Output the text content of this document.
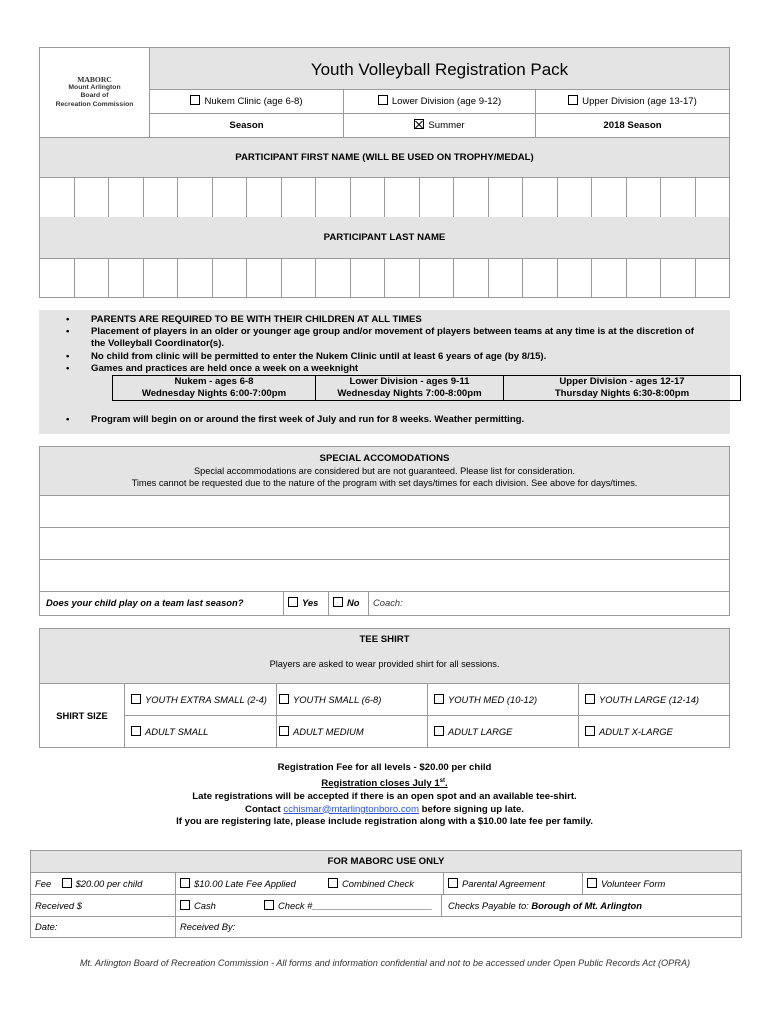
MABORC
Mount Arlington
Board of
Recreation Commission
Youth Volleyball Registration Pack
Nukem Clinic (age 6-8)	Lower Division (age 9-12)	Upper Division (age 13-17)
Season	Summer	2018 Season
PARTICIPANT FIRST NAME (WILL BE USED ON TROPHY/MEDAL)
PARTICIPANT LAST NAME
• PARENTS ARE REQUIRED TO BE WITH THEIR CHILDREN AT ALL TIMES
• Placement of players in an older or younger age group and/or movement of players between teams at any time is at the discretion of the Volleyball Coordinator(s).
• No child from clinic will be permitted to enter the Nukem Clinic until at least 6 years of age (by 8/15).
• Games and practices are held once a week on a weeknight
Nukem - ages 6-8	Lower Division - ages 9-11	Upper Division - ages 12-17
Wednesday Nights 6:00-7:00pm	Wednesday Nights 7:00-8:00pm	Thursday Nights 6:30-8:00pm
• Program will begin on or around the first week of July and run for 8 weeks. Weather permitting.
SPECIAL ACCOMODATIONS
Special accommodations are considered but are not guaranteed. Please list for consideration.
Times cannot be requested due to the nature of the program with set days/times for each division. See above for days/times.
Does your child play on a team last season?	Yes	No	Coach:
TEE SHIRT
Players are asked to wear provided shirt for all sessions.
SHIRT SIZE	YOUTH EXTRA SMALL (2-4)	YOUTH SMALL (6-8)	YOUTH MED (10-12)	YOUTH LARGE (12-14)
	ADULT SMALL	ADULT MEDIUM	ADULT LARGE	ADULT X-LARGE
Registration Fee for all levels - $20.00 per child
Registration closes July 1st.
Late registrations will be accepted if there is an open spot and an available tee-shirt.
Contact cchismar@mtarlingtonboro.com before signing up late.
If you are registering late, please include registration along with a $10.00 late fee per family.
FOR MABORC USE ONLY
Fee	$20.00 per child	$10.00 Late Fee Applied	Combined Check	Parental Agreement	Volunteer Form
Received $	Cash	Check #_______________________	Checks Payable to: Borough of Mt. Arlington
Date:	Received By:
Mt. Arlington Board of Recreation Commission - All forms and information confidential and not to be accessed under Open Public Records Act (OPRA)
